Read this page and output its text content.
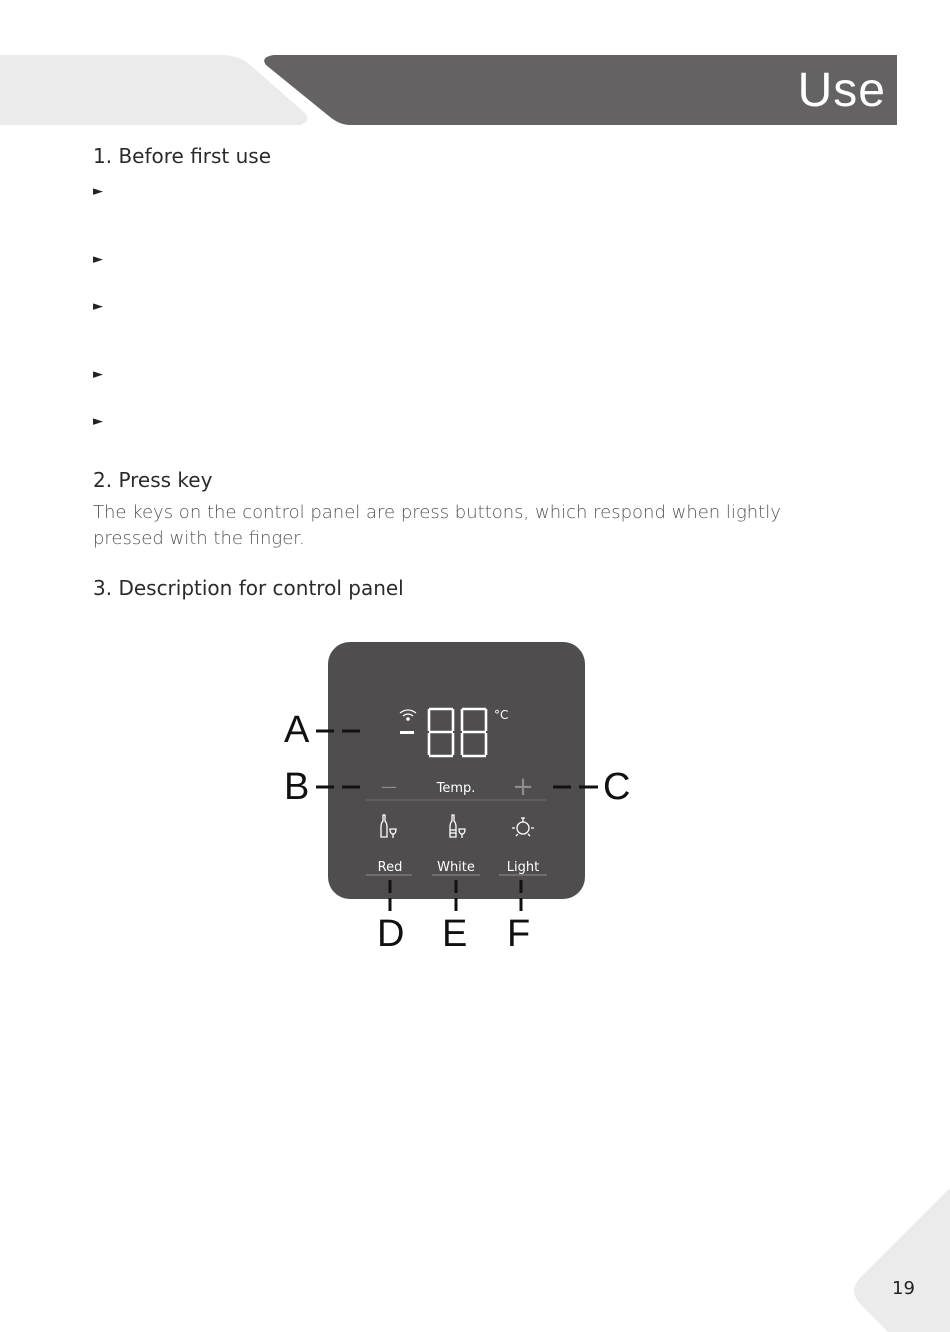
Use
1. Before first use
►
►
►
►
►
2. Press key

The keys on the control panel are press buttons, which respond when lightly pressed with the finger.

3. Description for control panel
°C
—	Temp. +
Red	White Light
A
B	C
D E F
19
